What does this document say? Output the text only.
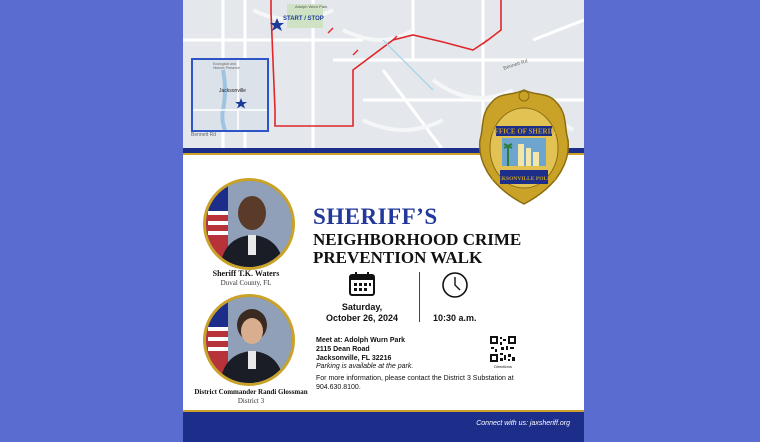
Adolph Wurn Park
START / STOP
Ecological and Historic Preserve
Jacksonville
Bennett Rd
Bennett Rd
OFFICE OF SHERIFF
JACKSONVILLE POLICE
Sheriff T.K. Waters
Duval County, FL
District Commander Randi Glossman
District 3
SHERIFF’S
NEIGHBORHOOD CRIME
PREVENTION WALK
Saturday,
October 26, 2024	10:30 a.m.
Meet at: Adolph Wurn Park
2115 Dean Road
Jacksonville, FL 32216
Parking is available at the park.
For more information, please contact the District 3 Substation at 904.630.8100.
Directions
Connect with us: jaxsheriff.org
